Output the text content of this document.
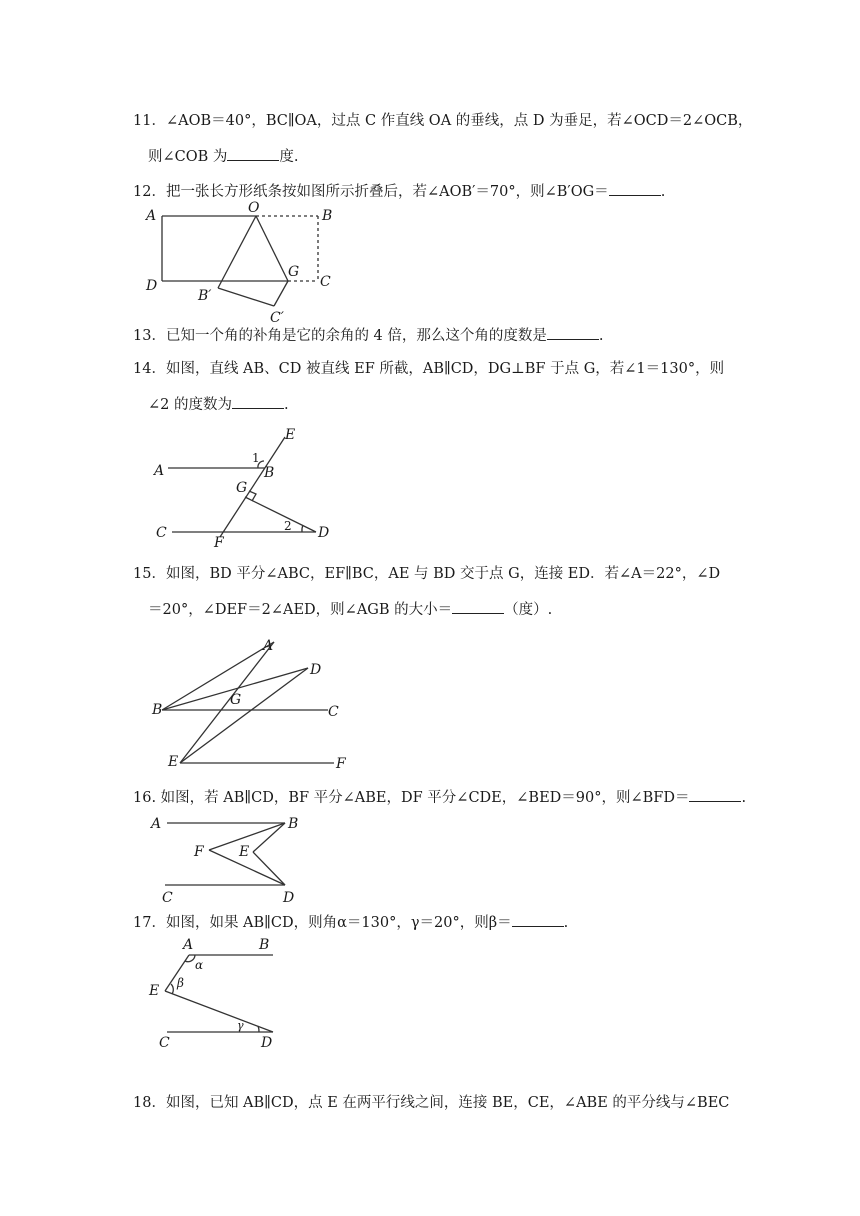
11．∠AOB＝40°，BC∥OA，过点 C 作直线 OA 的垂线，点 D 为垂足，若∠OCD＝2∠OCB，
则∠COB 为	度.
12．把一张长方形纸条按如图所示折叠后，若∠AOB′＝70°，则∠B′OG＝	.
A	O	B
D
B′
G
C
C′
13．已知一个角的补角是它的余角的 4 倍，那么这个角的度数是	.
14．如图，直线 AB、CD 被直线 EF 所截，AB∥CD，DG⊥BF 于点 G，若∠1＝130°，则
∠2 的度数为	.
E
A
1
B
G
C
F
2 D
15．如图，BD 平分∠ABC，EF∥BC，AE 与 BD 交于点 G，连接 ED．若∠A＝22°，∠D
＝20°，∠DEF＝2∠AED，则∠AGB 的大小＝	（度）.
A
D
B
G
C
E	F
16. 如图，若 AB∥CD，BF 平分∠ABE，DF 平分∠CDE，∠BED＝90°，则∠BFD＝	.
A	B
F	E
C	D
17．如图，如果 AB∥CD，则角α＝130°，γ＝20°，则β＝	.
A	B
α
E β
γ
C	D
18．如图，已知 AB∥CD，点 E 在两平行线之间，连接 BE，CE，∠ABE 的平分线与∠BEC
